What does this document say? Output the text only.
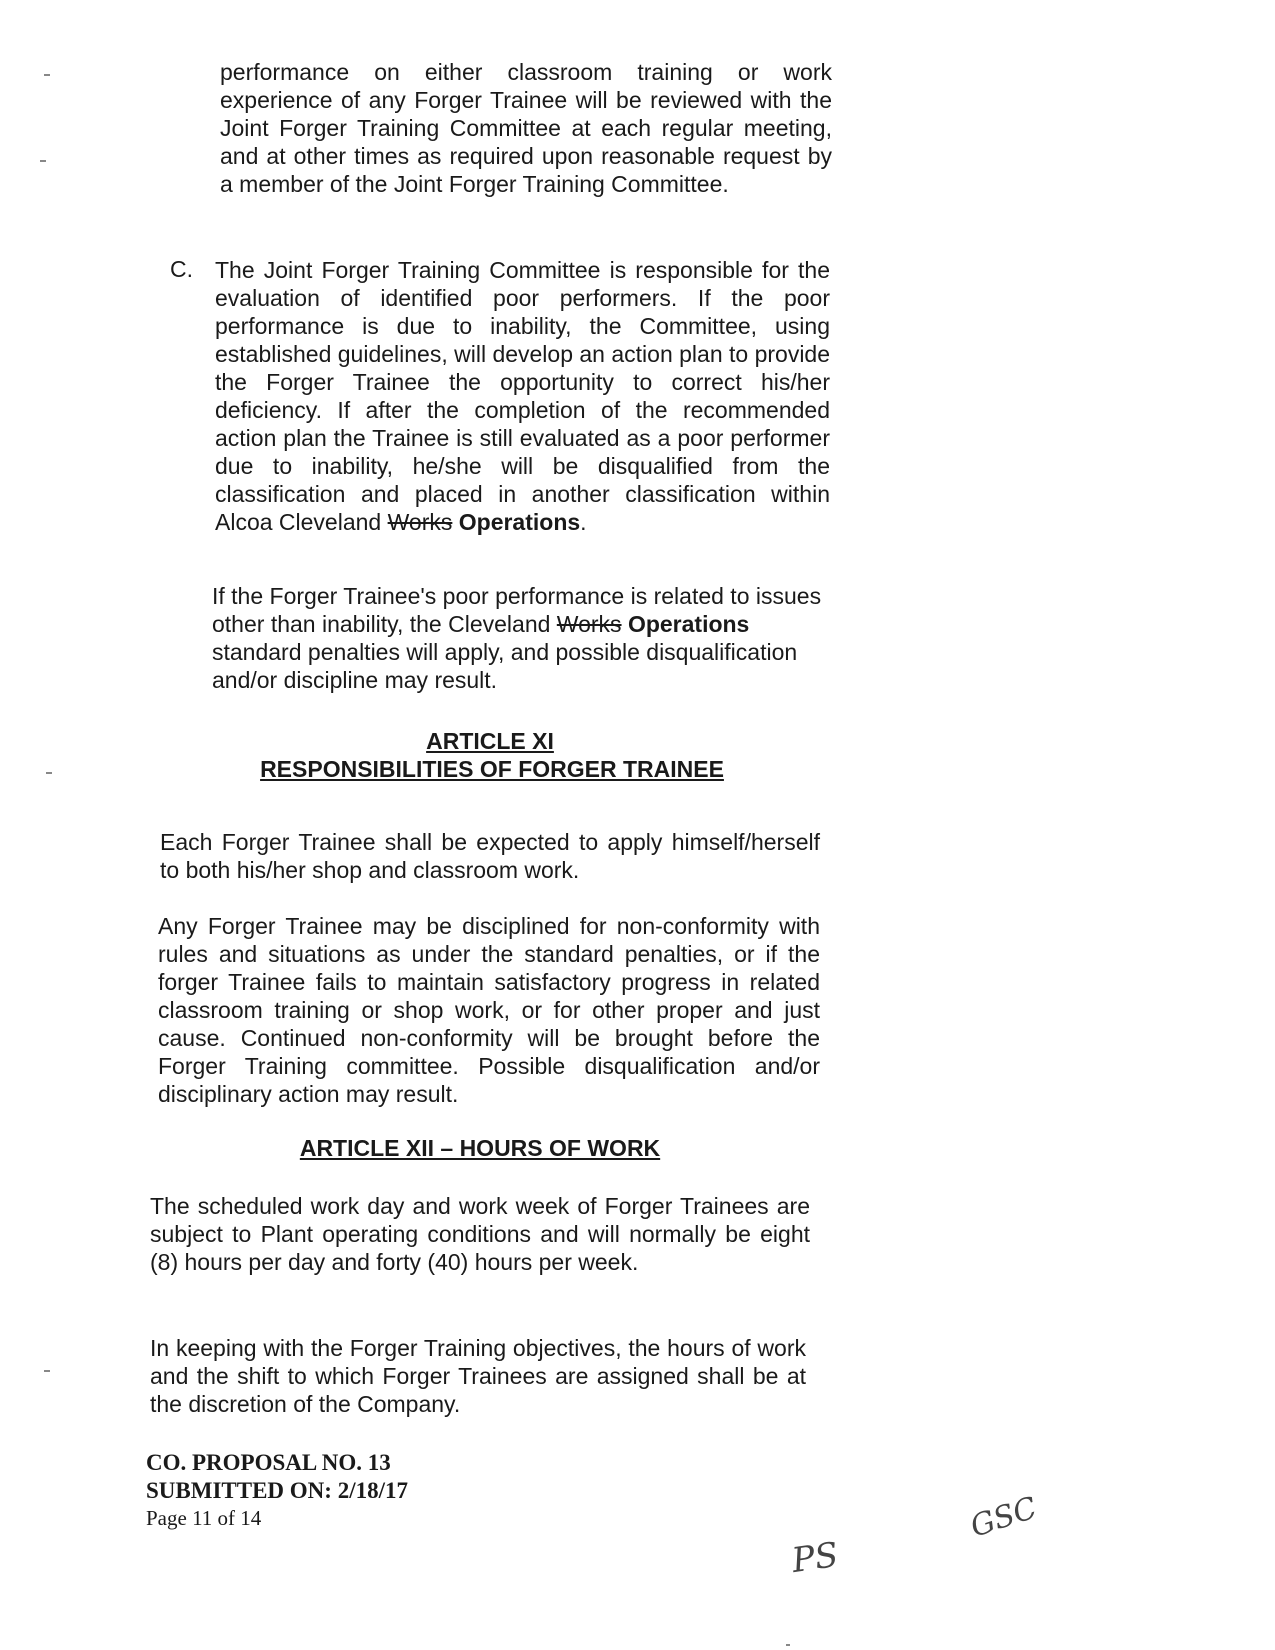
performance on either classroom training or work experience of any Forger Trainee will be reviewed with the Joint Forger Training Committee at each regular meeting, and at other times as required upon reasonable request by a member of the Joint Forger Training Committee.

C. The Joint Forger Training Committee is responsible for the evaluation of identified poor performers. If the poor performance is due to inability, the Committee, using established guidelines, will develop an action plan to provide the Forger Trainee the opportunity to correct his/her deficiency. If after the completion of the recommended action plan the Trainee is still evaluated as a poor performer due to inability, he/she will be disqualified from the classification and placed in another classification within Alcoa Cleveland Works Operations.

If the Forger Trainee's poor performance is related to issues other than inability, the Cleveland Works Operations standard penalties will apply, and possible disqualification and/or discipline may result.

ARTICLE XI
RESPONSIBILITIES OF FORGER TRAINEE

Each Forger Trainee shall be expected to apply himself/herself to both his/her shop and classroom work.

Any Forger Trainee may be disciplined for non-conformity with rules and situations as under the standard penalties, or if the forger Trainee fails to maintain satisfactory progress in related classroom training or shop work, or for other proper and just cause. Continued non-conformity will be brought before the Forger Training committee. Possible disqualification and/or disciplinary action may result.

ARTICLE XII – HOURS OF WORK

The scheduled work day and work week of Forger Trainees are subject to Plant operating conditions and will normally be eight (8) hours per day and forty (40) hours per week.

In keeping with the Forger Training objectives, the hours of work and the shift to which Forger Trainees are assigned shall be at the discretion of the Company.

CO. PROPOSAL NO. 13
SUBMITTED ON: 2/18/17
Page 11 of 14
PS
GSC
